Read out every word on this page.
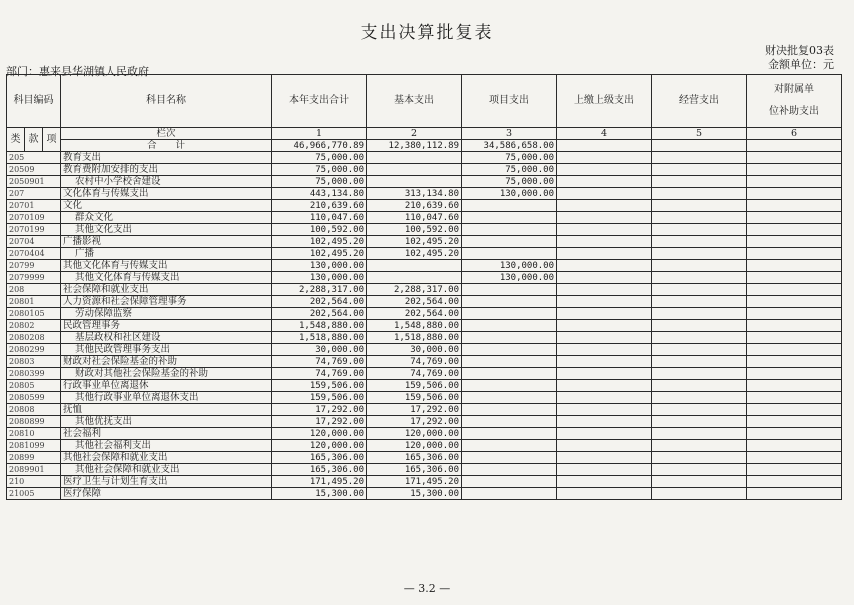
支出决算批复表
财决批复03表
金额单位：元
部门：惠来县华湖镇人民政府
科目编码			科目名称	本年支出合计	基本支出	项目支出	上缴上级支出	经营支出	对附属单
位补助支出
类	款	项	栏次	1	2	3	4	5	6
			合　　计	46,966,770.89	12,380,112.89	34,586,658.00			
205			教育支出	75,000.00		75,000.00			
20509			教育费附加安排的支出	75,000.00		75,000.00			
2050901			农村中小学校舍建设	75,000.00		75,000.00			
207			文化体育与传媒支出	443,134.80	313,134.80	130,000.00			
20701			文化	210,639.60	210,639.60				
2070109			群众文化	110,047.60	110,047.60				
2070199			其他文化支出	100,592.00	100,592.00				
20704			广播影视	102,495.20	102,495.20				
2070404			广播	102,495.20	102,495.20				
20799			其他文化体育与传媒支出	130,000.00		130,000.00			
2079999			其他文化体育与传媒支出	130,000.00		130,000.00			
208			社会保障和就业支出	2,288,317.00	2,288,317.00				
20801			人力资源和社会保障管理事务	202,564.00	202,564.00				
2080105			劳动保障监察	202,564.00	202,564.00				
20802			民政管理事务	1,548,880.00	1,548,880.00				
2080208			基层政权和社区建设	1,518,880.00	1,518,880.00				
2080299			其他民政管理事务支出	30,000.00	30,000.00				
20803			财政对社会保险基金的补助	74,769.00	74,769.00				
2080399			财政对其他社会保险基金的补助	74,769.00	74,769.00				
20805			行政事业单位离退休	159,506.00	159,506.00				
2080599			其他行政事业单位离退休支出	159,506.00	159,506.00				
20808			抚恤	17,292.00	17,292.00				
2080899			其他优抚支出	17,292.00	17,292.00				
20810			社会福利	120,000.00	120,000.00				
2081099			其他社会福利支出	120,000.00	120,000.00				
20899			其他社会保障和就业支出	165,306.00	165,306.00				
2089901			其他社会保障和就业支出	165,306.00	165,306.00				
210			医疗卫生与计划生育支出	171,495.20	171,495.20				
21005			医疗保障	15,300.00	15,300.00				
— 3.2 —
